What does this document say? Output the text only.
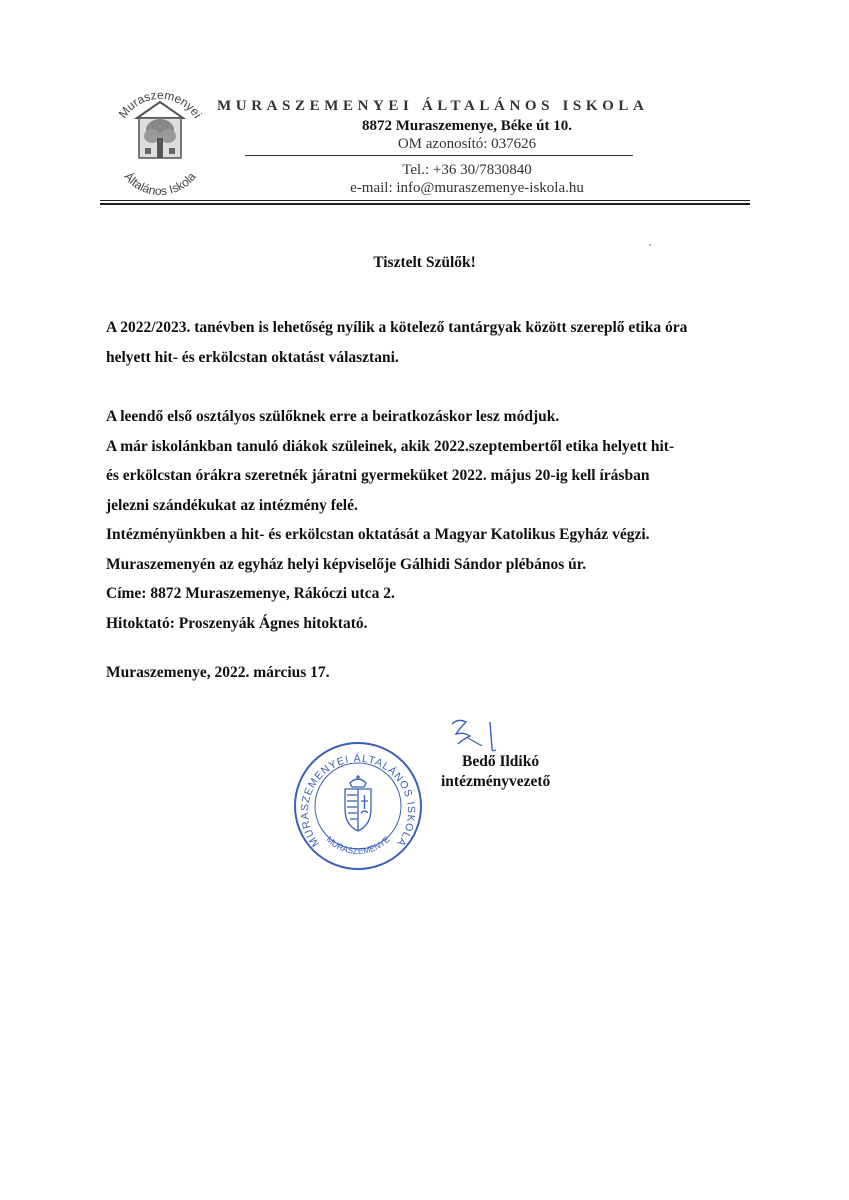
Muraszemenyei
Általános Iskola
MURASZEMENYEI ÁLTALÁNOS ISKOLA
8872 Muraszemenye, Béke út 10.
OM azonosító: 037626
Tel.: +36 30/7830840
e-mail: info@muraszemenye-iskola.hu
Tisztelt Szülők!
A 2022/2023. tanévben is lehetőség nyílik a kötelező tantárgyak között szereplő etika óra
helyett hit- és erkölcstan oktatást választani.
A leendő első osztályos szülőknek erre a beiratkozáskor lesz módjuk.
A már iskolánkban tanuló diákok szüleinek, akik 2022.szeptembertől etika helyett hit-
és erkölcstan órákra szeretnék járatni gyermeküket 2022. május 20-ig kell írásban
jelezni szándékukat az intézmény felé.
Intézményünkben a hit- és erkölcstan oktatását a Magyar Katolikus Egyház végzi.
Muraszemenyén az egyház helyi képviselője Gálhidi Sándor plébános úr.
Címe: 8872 Muraszemenye, Rákóczi utca 2.
Hitoktató: Proszenyák Ágnes hitoktató.
Muraszemenye, 2022. március 17.
MURASZEMENYEI ÁLTALÁNOS ISKOLA
MURASZEMENYE
Bedő Ildikó
intézményvezető
